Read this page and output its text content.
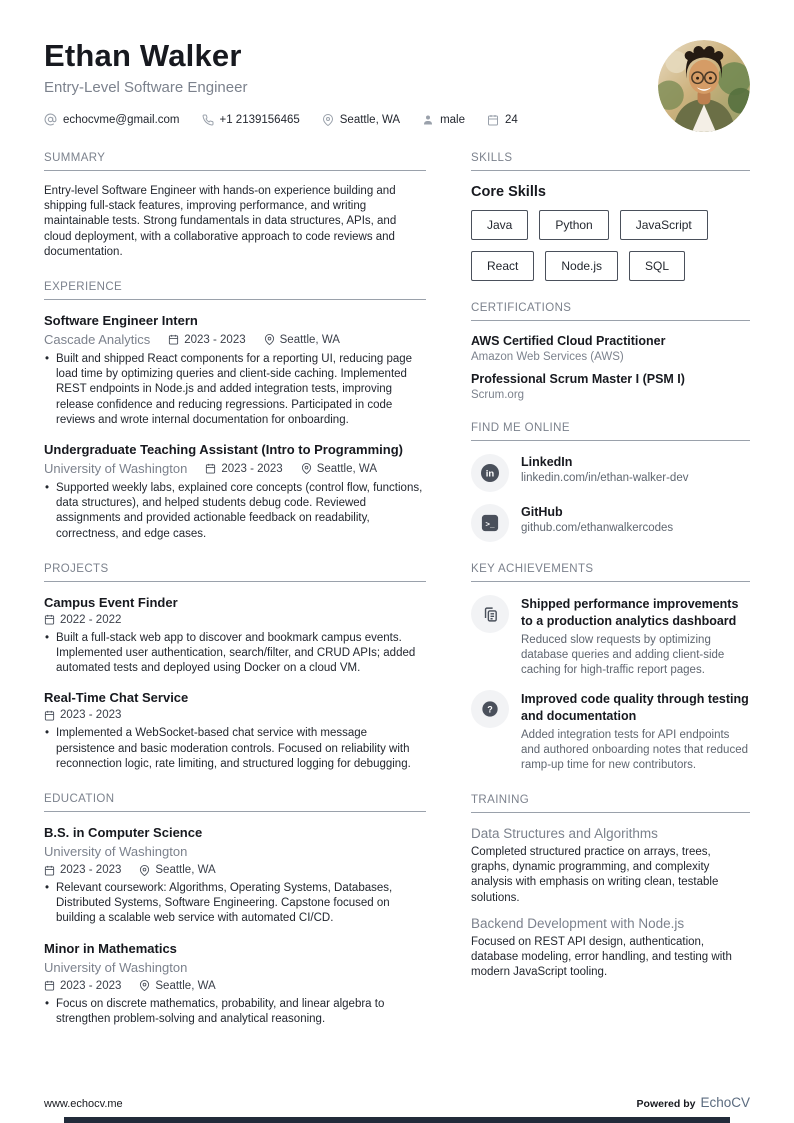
Ethan Walker
Entry-Level Software Engineer
echocvme@gmail.com	+1 2139156465	Seattle, WA	male	24
SUMMARY

Entry-level Software Engineer with hands-on experience building and shipping full-stack features, improving performance, and writing maintainable tests. Strong fundamentals in data structures, APIs, and cloud deployment, with a collaborative approach to code reviews and documentation.

EXPERIENCE
Software Engineer Intern
Cascade Analytics	2023 - 2023	Seattle, WA

• Built and shipped React components for a reporting UI, reducing page load time by optimizing queries and client-side caching. Implemented REST endpoints in Node.js and added integration tests, improving release confidence and reducing regressions. Participated in code reviews and wrote internal documentation for onboarding.

Undergraduate Teaching Assistant (Intro to Programming)
University of Washington	2023 - 2023	Seattle, WA

• Supported weekly labs, explained core concepts (control flow, functions, data structures), and helped students debug code. Reviewed assignments and provided actionable feedback on readability, correctness, and edge cases.

PROJECTS
Campus Event Finder
2022 - 2022

• Built a full-stack web app to discover and bookmark campus events. Implemented user authentication, search/filter, and CRUD APIs; added automated tests and deployed using Docker on a cloud VM.

Real-Time Chat Service
2023 - 2023

• Implemented a WebSocket-based chat service with message persistence and basic moderation controls. Focused on reliability with reconnection logic, rate limiting, and structured logging for debugging.

EDUCATION
B.S. in Computer Science
University of Washington
2023 - 2023	Seattle, WA

• Relevant coursework: Algorithms, Operating Systems, Databases, Distributed Systems, Software Engineering. Capstone focused on building a scalable web service with automated CI/CD.

Minor in Mathematics
University of Washington
2023 - 2023	Seattle, WA

• Focus on discrete mathematics, probability, and linear algebra to strengthen problem-solving and analytical reasoning.

SKILLS
Core Skills
Java	Python	JavaScript
React	Node.js	SQL
CERTIFICATIONS
AWS Certified Cloud Practitioner
Amazon Web Services (AWS)
Professional Scrum Master I (PSM I)
Scrum.org
FIND ME ONLINE
in
LinkedIn
linkedin.com/in/ethan-walker-dev
>_
GitHub
github.com/ethanwalkercodes
KEY ACHIEVEMENTS
Shipped performance improvements to a production analytics dashboard
Reduced slow requests by optimizing database queries and adding client-side caching for high-traffic report pages.
?
Improved code quality through testing and documentation
Added integration tests for API endpoints and authored onboarding notes that reduced ramp-up time for new contributors.
TRAINING
Data Structures and Algorithms
Completed structured practice on arrays, trees, graphs, dynamic programming, and complexity analysis with emphasis on writing clean, testable solutions.
Backend Development with Node.js
Focused on REST API design, authentication, database modeling, error handling, and testing with modern JavaScript tooling.
www.echocv.me	Powered by EchoCV
